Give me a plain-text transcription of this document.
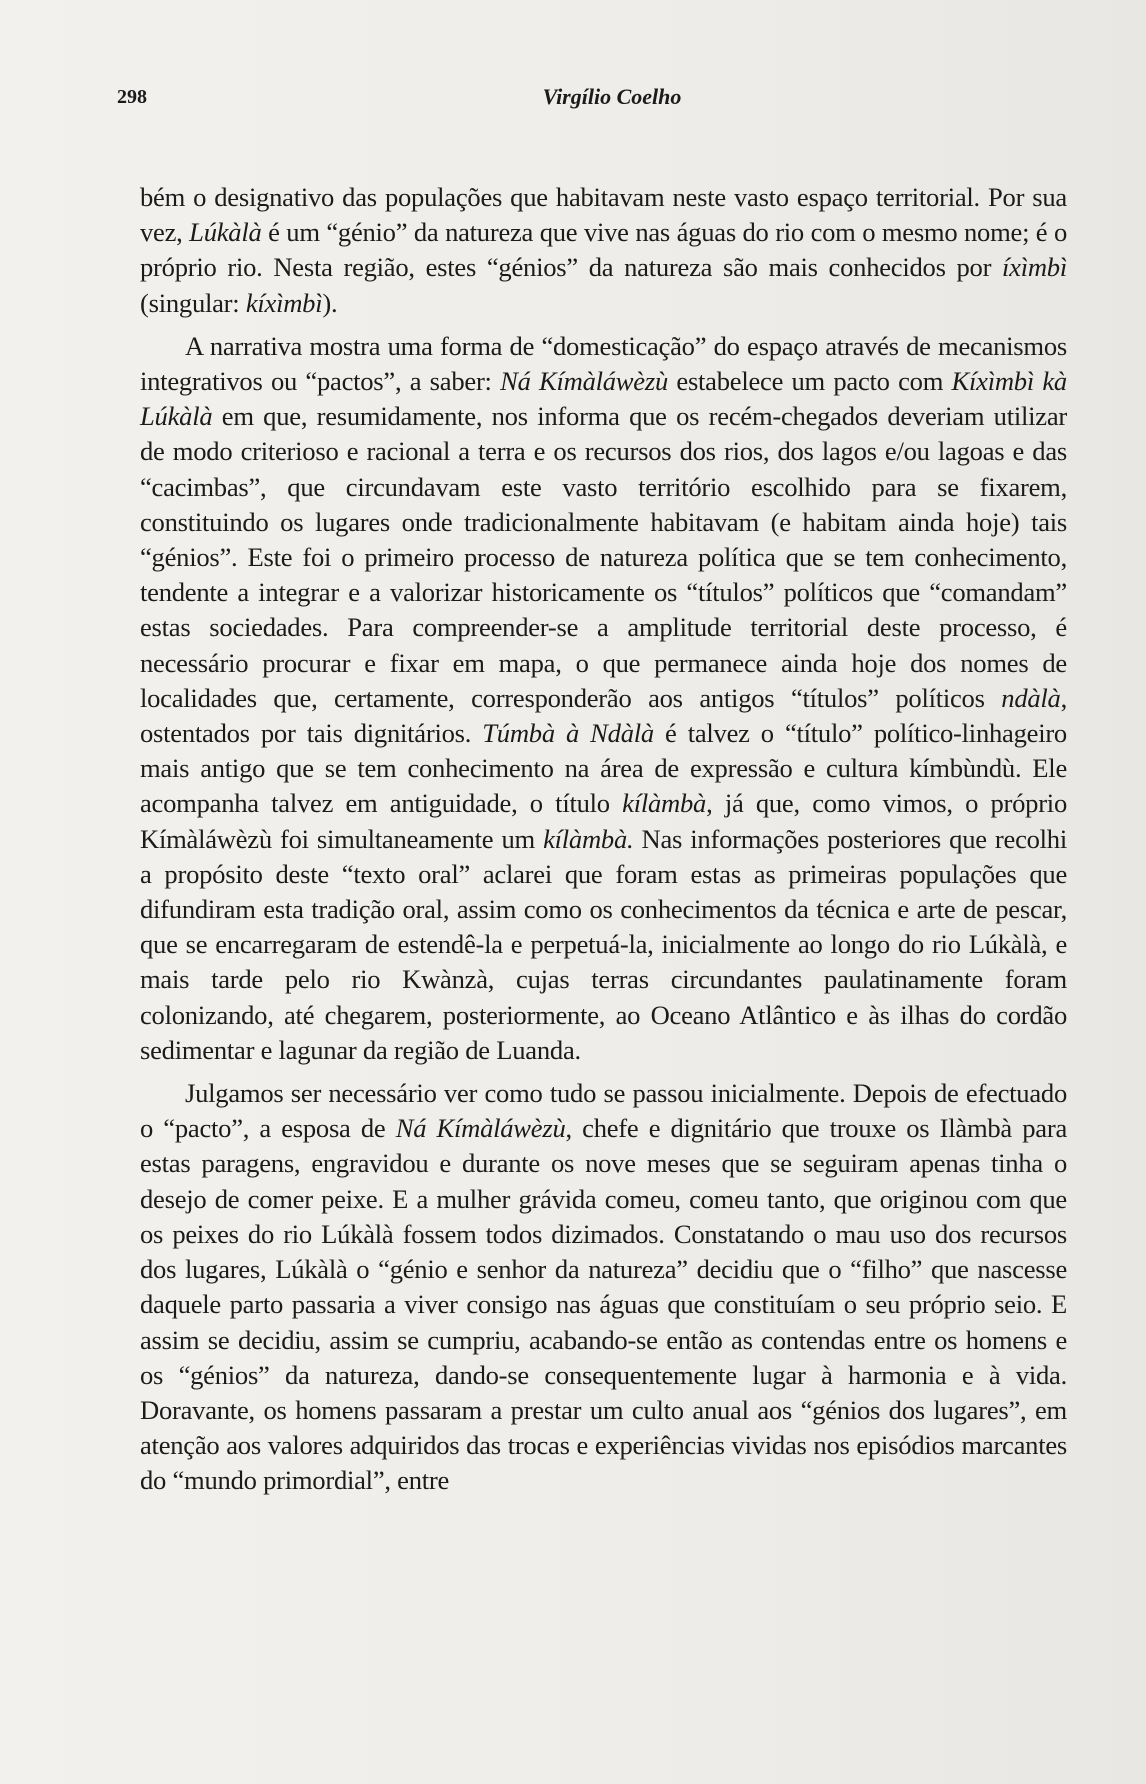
298	Virgílio Coelho

bém o designativo das populações que habitavam neste vasto espaço territorial. Por sua vez, Lúkàlà é um “génio” da natureza que vive nas águas do rio com o mesmo nome; é o próprio rio. Nesta região, estes “génios” da natureza são mais conhecidos por íxìmbì (singular: kíxìmbì).

A narrativa mostra uma forma de “domesticação” do espaço através de mecanismos integrativos ou “pactos”, a saber: Ná Kímàláwèzù estabelece um pacto com Kíxìmbì kà Lúkàlà em que, resumidamente, nos informa que os recém-chegados deveriam utilizar de modo criterioso e racional a terra e os recursos dos rios, dos lagos e/ou lagoas e das “cacimbas”, que circundavam este vasto território escolhido para se fixarem, constituindo os lugares onde tradicionalmente habitavam (e habitam ainda hoje) tais “génios”. Este foi o primeiro processo de natureza política que se tem conhecimento, tendente a integrar e a valorizar historicamente os “títulos” políticos que “comandam” estas sociedades. Para compreender-se a amplitude territorial deste processo, é necessário procurar e fixar em mapa, o que permanece ainda hoje dos nomes de localidades que, certamente, corresponderão aos antigos “títulos” políticos ndàlà, ostentados por tais dignitários. Túmbà à Ndàlà é talvez o “título” político-linhageiro mais antigo que se tem conhecimento na área de expressão e cultura kímbùndù. Ele acompanha talvez em antiguidade, o título kílàmbà, já que, como vimos, o próprio Kímàláwèzù foi simultaneamente um kílàmbà. Nas informações posteriores que recolhi a propósito deste “texto oral” aclarei que foram estas as primeiras populações que difundiram esta tradição oral, assim como os conhecimentos da técnica e arte de pescar, que se encarregaram de estendê-la e perpetuá-la, inicialmente ao longo do rio Lúkàlà, e mais tarde pelo rio Kwànzà, cujas terras circundantes paulatinamente foram colonizando, até chegarem, posteriormente, ao Oceano Atlântico e às ilhas do cordão sedimentar e lagunar da região de Luanda.

Julgamos ser necessário ver como tudo se passou inicialmente. Depois de efectuado o “pacto”, a esposa de Ná Kímàláwèzù, chefe e dignitário que trouxe os Ilàmbà para estas paragens, engravidou e durante os nove meses que se seguiram apenas tinha o desejo de comer peixe. E a mulher grávida comeu, comeu tanto, que originou com que os peixes do rio Lúkàlà fossem todos dizimados. Constatando o mau uso dos recursos dos lugares, Lúkàlà o “génio e senhor da natureza” decidiu que o “filho” que nascesse daquele parto passaria a viver consigo nas águas que constituíam o seu próprio seio. E assim se decidiu, assim se cumpriu, acabando-se então as contendas entre os homens e os “génios” da natureza, dando-se consequentemente lugar à harmonia e à vida. Doravante, os homens passaram a prestar um culto anual aos “génios dos lugares”, em atenção aos valores adquiridos das trocas e experiências vividas nos episódios marcantes do “mundo primordial”, entre
